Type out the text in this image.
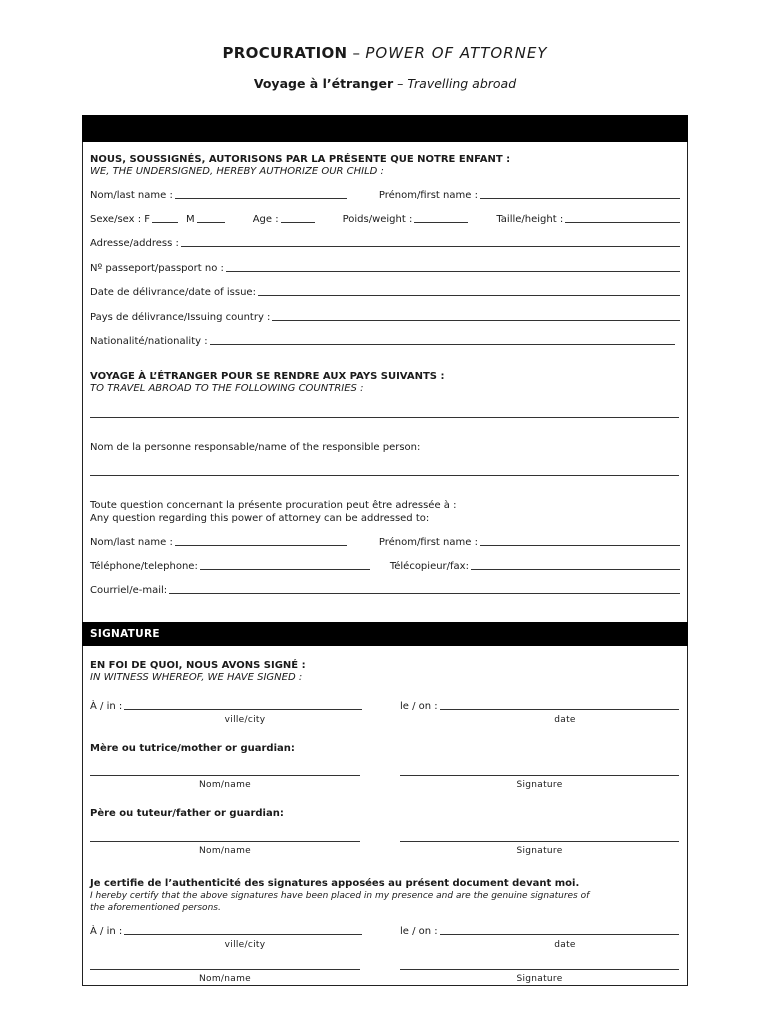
PROCURATION – POWER OF ATTORNEY
Voyage à l’étranger – Travelling abroad
NOUS, SOUSSIGNÉS, AUTORISONS PAR LA PRÉSENTE QUE NOTRE ENFANT :
WE, THE UNDERSIGNED, HEREBY AUTHORIZE OUR CHILD :
Nom/last name :	Prénom/first name :
Sexe/sex : F	M	Age :	Poids/weight :	Taille/height :
Adresse/address :
Nº passeport/passport no :
Date de délivrance/date of issue:
Pays de délivrance/Issuing country :
Nationalité/nationality :
VOYAGE À L’ÉTRANGER POUR SE RENDRE AUX PAYS SUIVANTS :
TO TRAVEL ABROAD TO THE FOLLOWING COUNTRIES :
Nom de la personne responsable/name of the responsible person:
Toute question concernant la présente procuration peut être adressée à :
Any question regarding this power of attorney can be addressed to:
Nom/last name :	Prénom/first name :
Téléphone/telephone:	Télécopieur/fax:
Courriel/e-mail:
SIGNATURE
EN FOI DE QUOI, NOUS AVONS SIGNÉ :
IN WITNESS WHEREOF, WE HAVE SIGNED :
À / in :	le / on :
ville/city	date
Mère ou tutrice/mother or guardian:
Nom/name	Signature
Père ou tuteur/father or guardian:
Nom/name	Signature
Je certifie de l’authenticité des signatures apposées au présent document devant moi.
I hereby certify that the above signatures have been placed in my presence and are the genuine signatures of
the aforementioned persons.
À / in :	le / on :
ville/city	date
Nom/name	Signature
